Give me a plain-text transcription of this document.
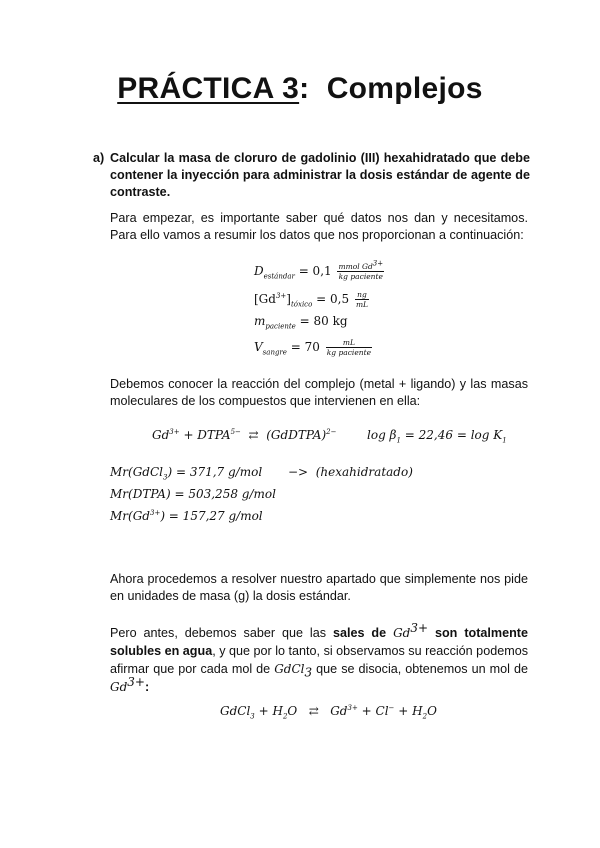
PRÁCTICA 3: Complejos
a) Calcular la masa de cloruro de gadolinio (III) hexahidratado que debe contener la inyección para administrar la dosis estándar de agente de contraste.
Para empezar, es importante saber qué datos nos dan y necesitamos. Para ello vamos a resumir los datos que nos proporcionan a continuación:
$D_{estándar} = 0,1 \frac{mmol Gd^{3+}}{\text{kg paciente}}$
$[Gd^{3+}]_{tóxico} = 0,5 \frac{ng}{mL}$
$m_{paciente} = 80$ kg
$V_{sangre} = 70 \frac{mL}{\text{kg paciente}}$
Debemos conocer la reacción del complejo (metal + ligando) y las masas moleculares de los compuestos que intervienen en ella:
$Gd^{3+}$ + $DTPA^{5-}$ ⇄ (GdDTPA)$^{2-}$	$\log \beta_1 = 22,46 = \log K_1$
Mr(GdCl$_3$) = 371,7 g/mol −> (hexahidratado)
Mr(DTPA) = 503,258 g/mol
$Mr(Gd^{3+}) = 157,27$ g/mol
Ahora procedemos a resolver nuestro apartado que simplemente nos pide en unidades de masa (g) la dosis estándar.
Pero antes, debemos saber que las sales de $Gd^{3+}$ son totalmente solubles en agua, y que por lo tanto, si observamos su reacción podemos afirmar que por cada mol de GdCl$_3$ que se disocia, obtenemos un mol de $Gd^{3+}$:
GdCl$_3$ + $H_2O$ ⇄ $Gd^{3+} + Cl^- + H_2O$
